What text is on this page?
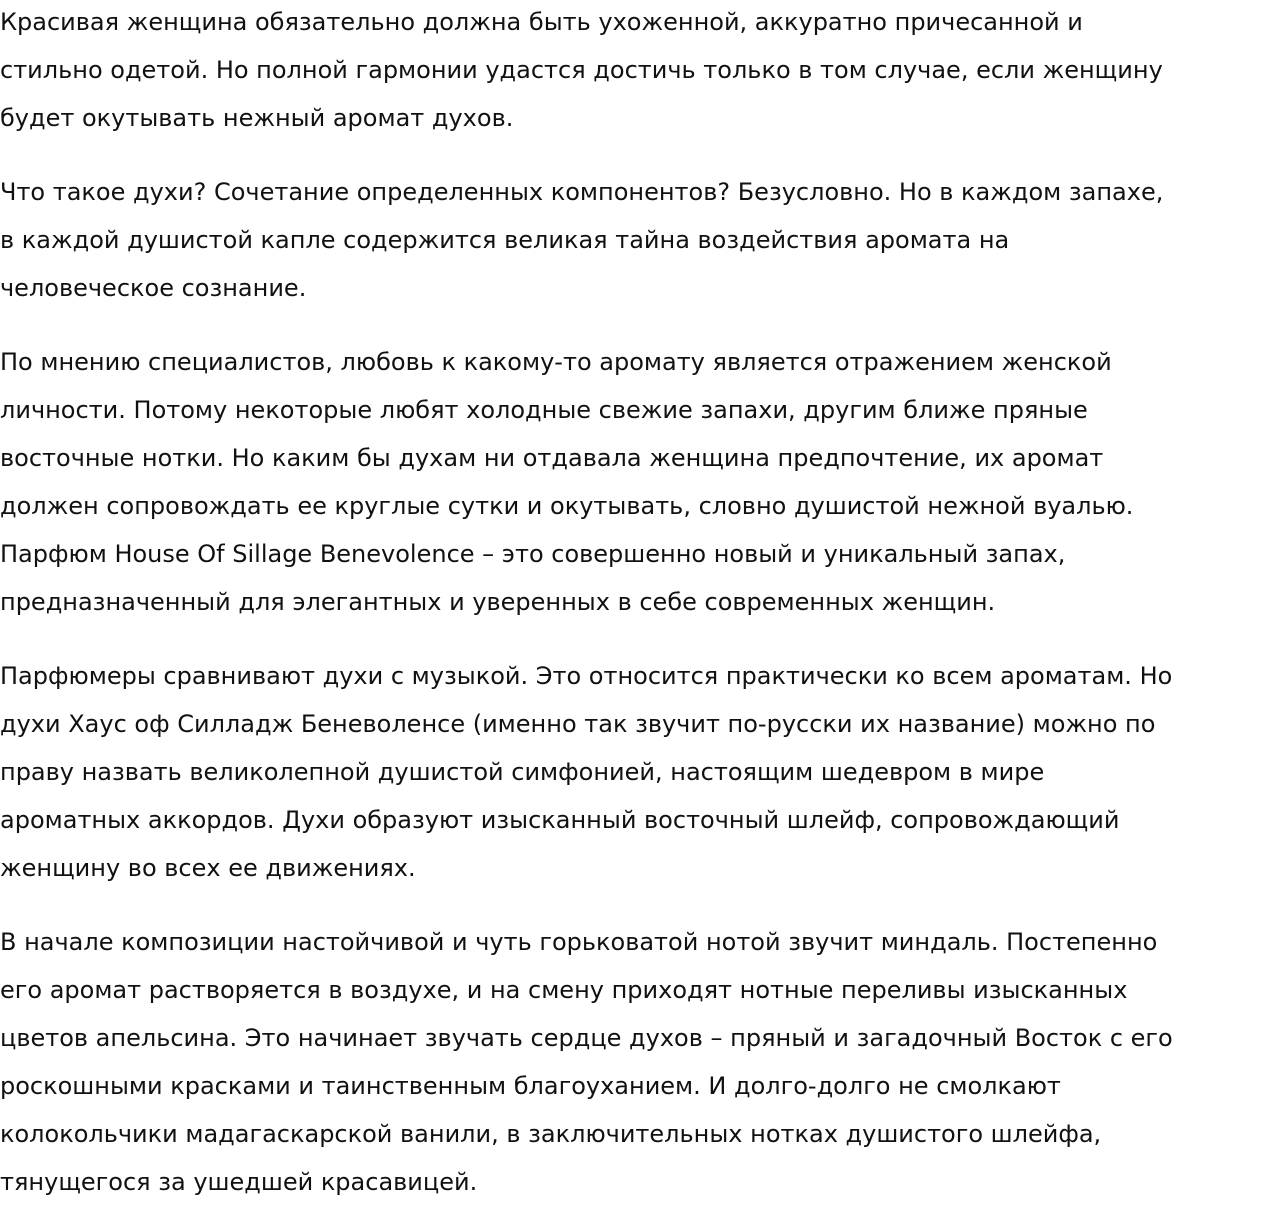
Красивая женщина обязательно должна быть ухоженной, аккуратно причесанной и
стильно одетой. Но полной гармонии удастся достичь только в том случае, если женщину
будет окутывать нежный аромат духов.

Что такое духи? Сочетание определенных компонентов? Безусловно. Но в каждом запахе,
в каждой душистой капле содержится великая тайна воздействия аромата на
человеческое сознание.

По мнению специалистов, любовь к какому-то аромату является отражением женской
личности. Потому некоторые любят холодные свежие запахи, другим ближе пряные
восточные нотки. Но каким бы духам ни отдавала женщина предпочтение, их аромат
должен сопровождать ее круглые сутки и окутывать, словно душистой нежной вуалью.
Парфюм House Of Sillage Benevolence – это совершенно новый и уникальный запах,
предназначенный для элегантных и уверенных в себе современных женщин.

Парфюмеры сравнивают духи с музыкой. Это относится практически ко всем ароматам. Но
духи Хаус оф Силладж Беневоленсе (именно так звучит по-русски их название) можно по
праву назвать великолепной душистой симфонией, настоящим шедевром в мире
ароматных аккордов. Духи образуют изысканный восточный шлейф, сопровождающий
женщину во всех ее движениях.

В начале композиции настойчивой и чуть горьковатой нотой звучит миндаль. Постепенно
его аромат растворяется в воздухе, и на смену приходят нотные переливы изысканных
цветов апельсина. Это начинает звучать сердце духов – пряный и загадочный Восток с его
роскошными красками и таинственным благоуханием. И долго-долго не смолкают
колокольчики мадагаскарской ванили, в заключительных нотках душистого шлейфа,
тянущегося за ушедшей красавицей.
